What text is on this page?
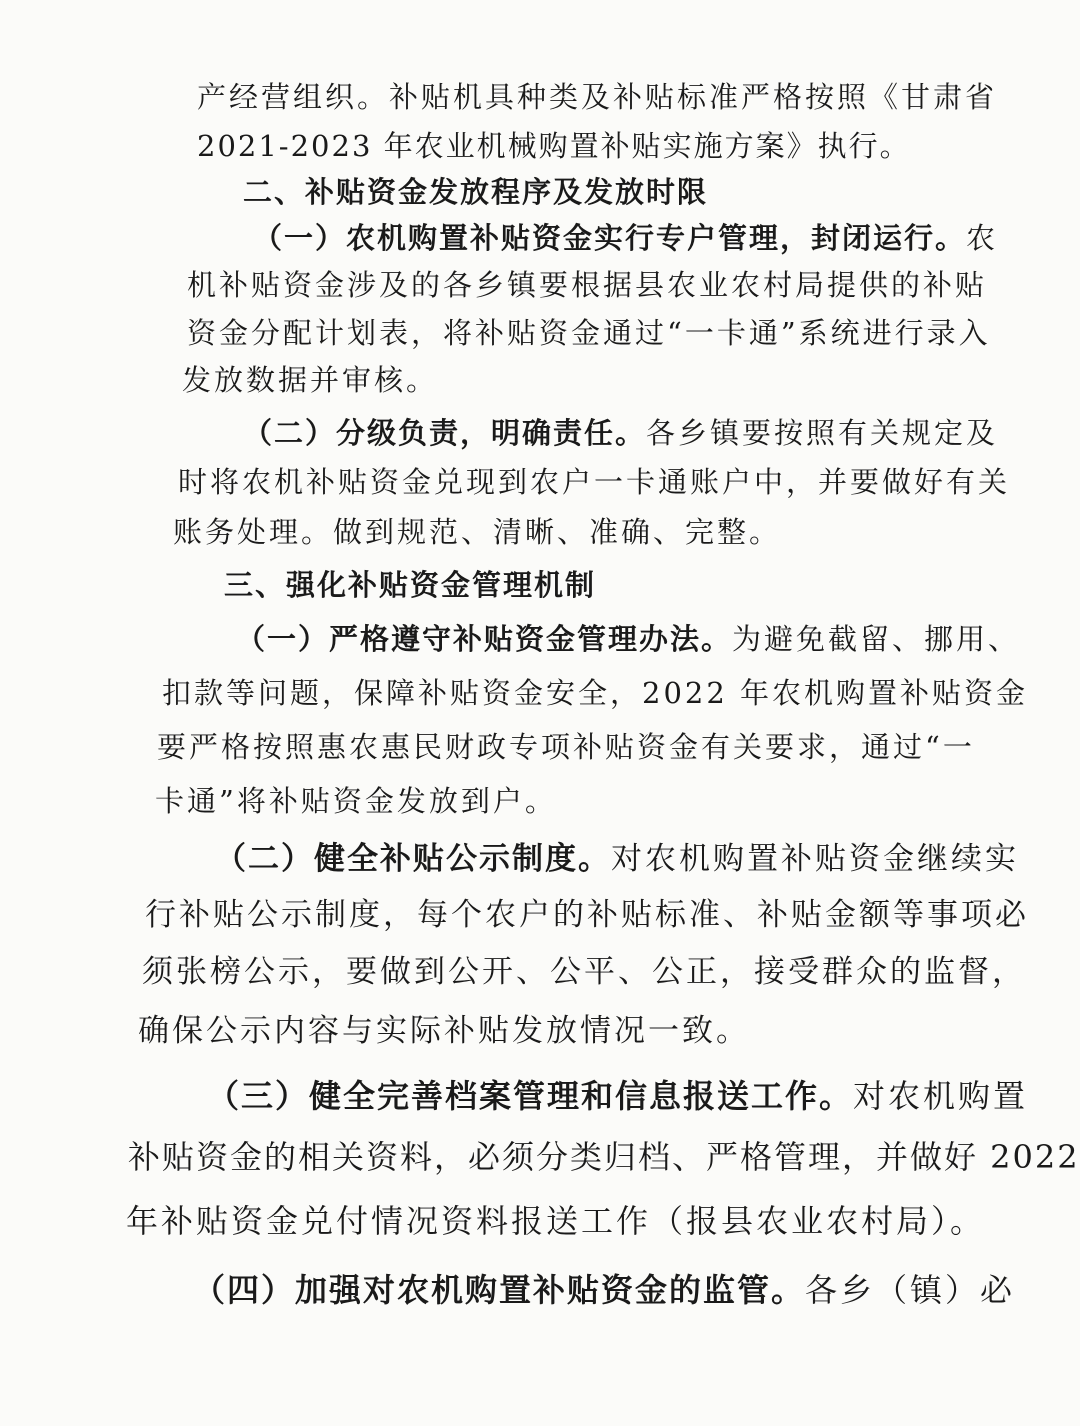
产经营组织。补贴机具种类及补贴标准严格按照《甘肃省
2021-2023 年农业机械购置补贴实施方案》执行。
二、补贴资金发放程序及发放时限
（一）农机购置补贴资金实行专户管理，封闭运行。农
机补贴资金涉及的各乡镇要根据县农业农村局提供的补贴
资金分配计划表，将补贴资金通过“一卡通”系统进行录入
发放数据并审核。
（二）分级负责，明确责任。各乡镇要按照有关规定及
时将农机补贴资金兑现到农户一卡通账户中，并要做好有关
账务处理。做到规范、清晰、准确、完整。
三、强化补贴资金管理机制
（一）严格遵守补贴资金管理办法。为避免截留、挪用、
扣款等问题，保障补贴资金安全，2022 年农机购置补贴资金
要严格按照惠农惠民财政专项补贴资金有关要求，通过“一
卡通”将补贴资金发放到户。
（二）健全补贴公示制度。对农机购置补贴资金继续实
行补贴公示制度，每个农户的补贴标准、补贴金额等事项必
须张榜公示，要做到公开、公平、公正，接受群众的监督，
确保公示内容与实际补贴发放情况一致。
（三）健全完善档案管理和信息报送工作。对农机购置
补贴资金的相关资料，必须分类归档、严格管理，并做好 2022
年补贴资金兑付情况资料报送工作（报县农业农村局）。
（四）加强对农机购置补贴资金的监管。各乡（镇）必
